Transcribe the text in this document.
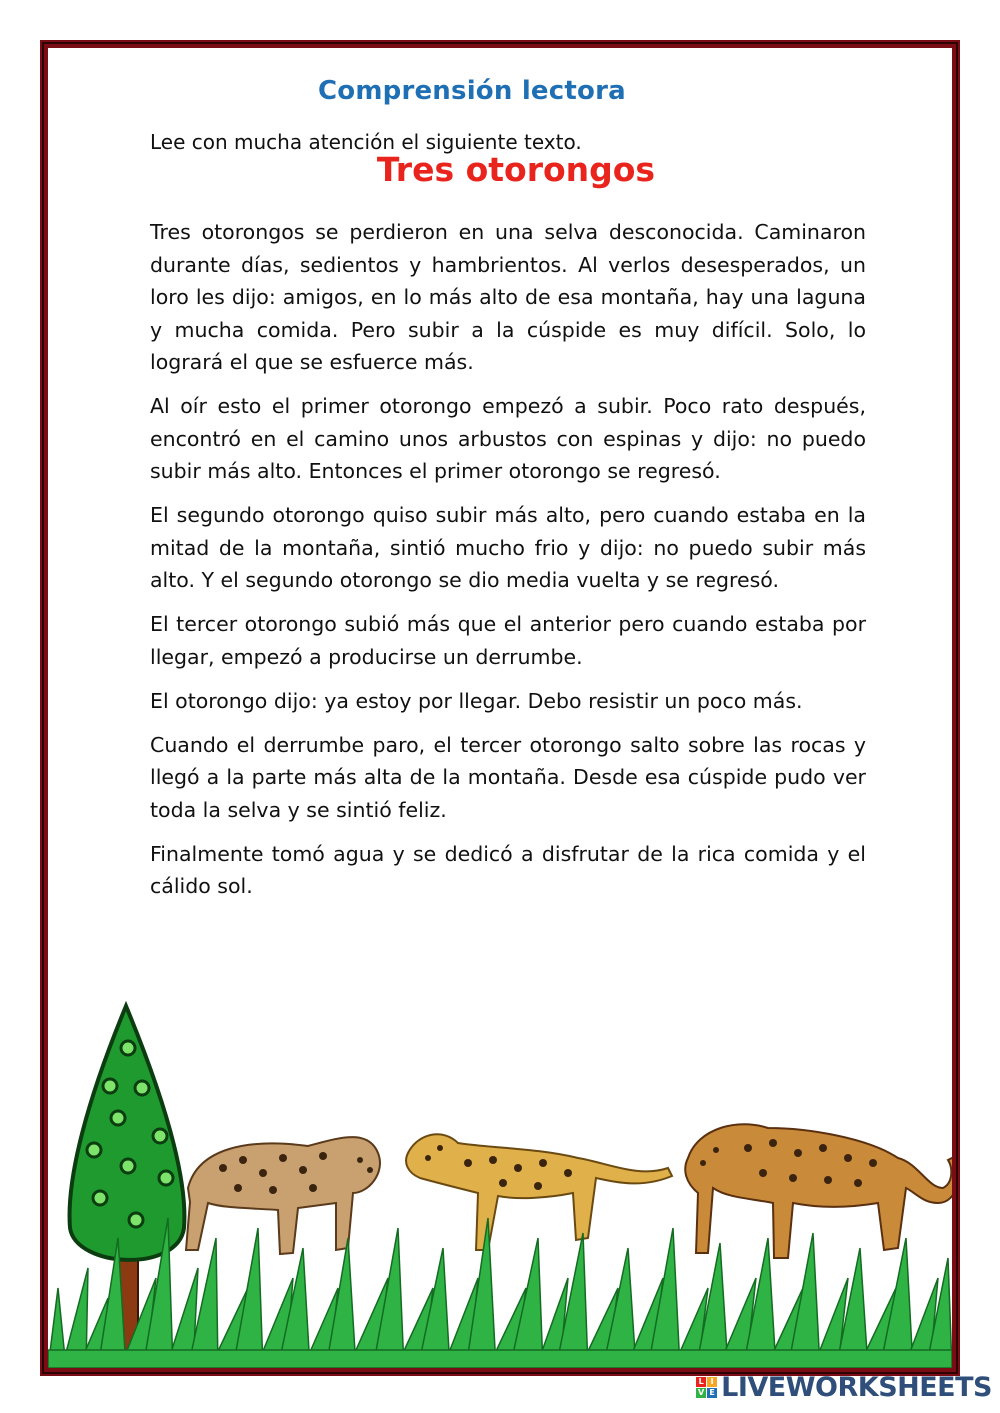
Comprensión lectora
Lee con mucha atención el siguiente texto.
Tres otorongos

Tres otorongos se perdieron en una selva desconocida. Caminaron durante días, sedientos y hambrientos. Al verlos desesperados, un loro les dijo: amigos, en lo más alto de esa montaña, hay una laguna y mucha comida. Pero subir a la cúspide es muy difícil. Solo, lo logrará el que se esfuerce más.

Al oír esto el primer otorongo empezó a subir. Poco rato después, encontró en el camino unos arbustos con espinas y dijo: no puedo subir más alto. Entonces el primer otorongo se regresó.

El segundo otorongo quiso subir más alto, pero cuando estaba en la mitad de la montaña, sintió mucho frio y dijo: no puedo subir más alto. Y el segundo otorongo se dio media vuelta y se regresó.

El tercer otorongo subió más que el anterior pero cuando estaba por llegar, empezó a producirse un derrumbe.

El otorongo dijo: ya estoy por llegar. Debo resistir un poco más.

Cuando el derrumbe paro, el tercer otorongo salto sobre las rocas y llegó a la parte más alta de la montaña. Desde esa cúspide pudo ver toda la selva y se sintió feliz.

Finalmente tomó agua y se dedicó a disfrutar de la rica comida y el cálido sol.

L I
V E LIVEWORKSHEETS
